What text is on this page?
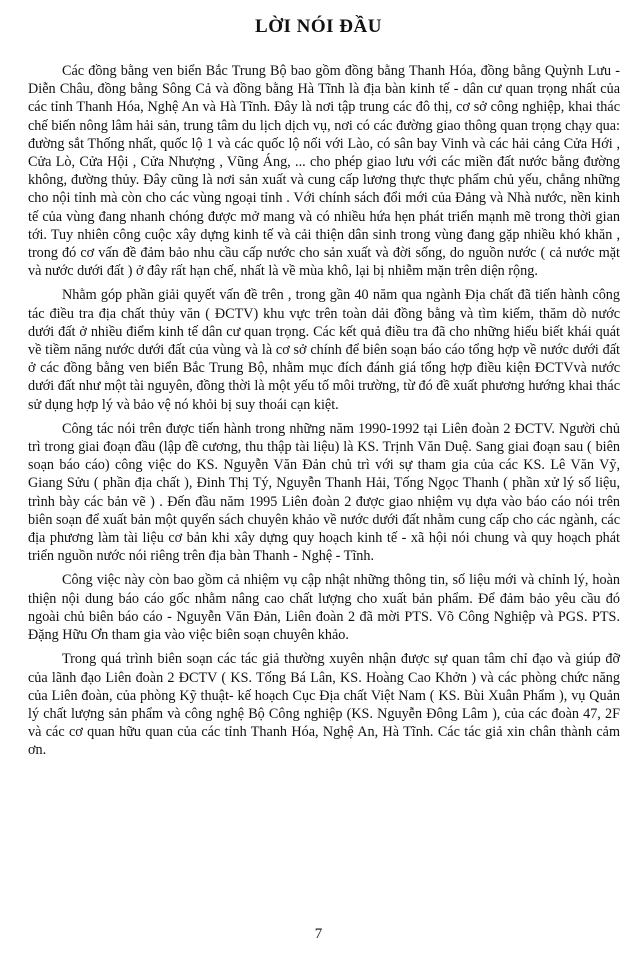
LỜI NÓI ĐẦU

Các đồng bằng ven biển Bắc Trung Bộ bao gồm đồng bằng Thanh Hóa, đồng bằng Quỳnh Lưu - Diễn Châu, đồng bằng Sông Cả và đồng bằng Hà Tĩnh là địa bàn kinh tế - dân cư quan trọng nhất của các tỉnh Thanh Hóa, Nghệ An và Hà Tĩnh. Đây là nơi tập trung các đô thị, cơ sở công nghiệp, khai thác chế biến nông lâm hải sản, trung tâm du lịch dịch vụ, nơi có các đường giao thông quan trọng chạy qua: đường sắt Thống nhất, quốc lộ 1 và các quốc lộ nối với Lào, có sân bay Vinh và các hải cảng Cửa Hới , Cửa Lò, Cửa Hội , Cửa Nhượng , Vũng Áng, ... cho phép giao lưu với các miền đất nước bằng đường không, đường thủy. Đây cũng là nơi sản xuất và cung cấp lương thực thực phẩm chủ yếu, chẳng những cho nội tỉnh mà còn cho các vùng ngoại tỉnh . Với chính sách đổi mới của Đảng và Nhà nước, nền kinh tế của vùng đang nhanh chóng được mở mang và có nhiều hứa hẹn phát triển mạnh mẽ trong thời gian tới. Tuy nhiên công cuộc xây dựng kinh tế và cải thiện dân sinh trong vùng đang gặp nhiều khó khăn , trong đó cơ vấn đề đảm bảo nhu cầu cấp nước cho sản xuất và đời sống, do nguồn nước ( cả nước mặt và nước dưới đất ) ở đây rất hạn chế, nhất là về mùa khô, lại bị nhiễm mặn trên diện rộng.

Nhằm góp phần giải quyết vấn đề trên , trong gần 40 năm qua ngành Địa chất đã tiến hành công tác điều tra địa chất thủy văn ( ĐCTV) khu vực trên toàn dải đồng bằng và tìm kiếm, thăm dò nước dưới đất ở nhiều điểm kinh tế dân cư quan trọng. Các kết quả điều tra đã cho những hiểu biết khái quát về tiềm năng nước dưới đất của vùng và là cơ sở chính để biên soạn báo cáo tổng hợp về nước dưới đất ở các đồng bằng ven biển Bắc Trung Bộ, nhằm mục đích đánh giá tổng hợp điều kiện ĐCTVvà nước dưới đất như một tài nguyên, đồng thời là một yếu tố môi trường, từ đó đề xuất phương hướng khai thác sử dụng hợp lý và bảo vệ nó khỏi bị suy thoái cạn kiệt.

Công tác nói trên được tiến hành trong những năm 1990-1992 tại Liên đoàn 2 ĐCTV. Người chủ trì trong giai đoạn đầu (lập đề cương, thu thập tài liệu) là KS. Trịnh Văn Duệ. Sang giai đoạn sau ( biên soạn báo cáo) công việc do KS. Nguyễn Văn Đản chủ trì với sự tham gia của các KS. Lê Văn Vỹ, Giang Sửu ( phần địa chất ), Đinh Thị Tý, Nguyễn Thanh Hải, Tống Ngọc Thanh ( phần xử lý số liệu, trình bày các bản vẽ ) . Đến đầu năm 1995 Liên đoàn 2 được giao nhiệm vụ dựa vào báo cáo nói trên biên soạn để xuất bản một quyển sách chuyên khảo về nước dưới đất nhằm cung cấp cho các ngành, các địa phương làm tài liệu cơ bản khi xây dựng quy hoạch kinh tế - xã hội nói chung và quy hoạch phát triển nguồn nước nói riêng trên địa bàn Thanh - Nghệ - Tĩnh.

Công việc này còn bao gồm cả nhiệm vụ cập nhật những thông tin, số liệu mới và chỉnh lý, hoàn thiện nội dung báo cáo gốc nhằm nâng cao chất lượng cho xuất bản phẩm. Để đảm bảo yêu cầu đó ngoài chủ biên báo cáo - Nguyễn Văn Đản, Liên đoàn 2 đã mời PTS. Võ Công Nghiệp và PGS. PTS. Đặng Hữu Ơn tham gia vào việc biên soạn chuyên khảo.

Trong quá trình biên soạn các tác giả thường xuyên nhận được sự quan tâm chỉ đạo và giúp đỡ của lãnh đạo Liên đoàn 2 ĐCTV ( KS. Tống Bá Lân, KS. Hoàng Cao Khởn ) và các phòng chức năng của Liên đoàn, của phòng Kỹ thuật- kế hoạch Cục Địa chất Việt Nam ( KS. Bùi Xuân Phẩm ), vụ Quản lý chất lượng sản phẩm và công nghệ Bộ Công nghiệp (KS. Nguyễn Đông Lâm ), của các đoàn 47, 2F và các cơ quan hữu quan của các tỉnh Thanh Hóa, Nghệ An, Hà Tĩnh. Các tác giả xin chân thành cảm ơn.

7
